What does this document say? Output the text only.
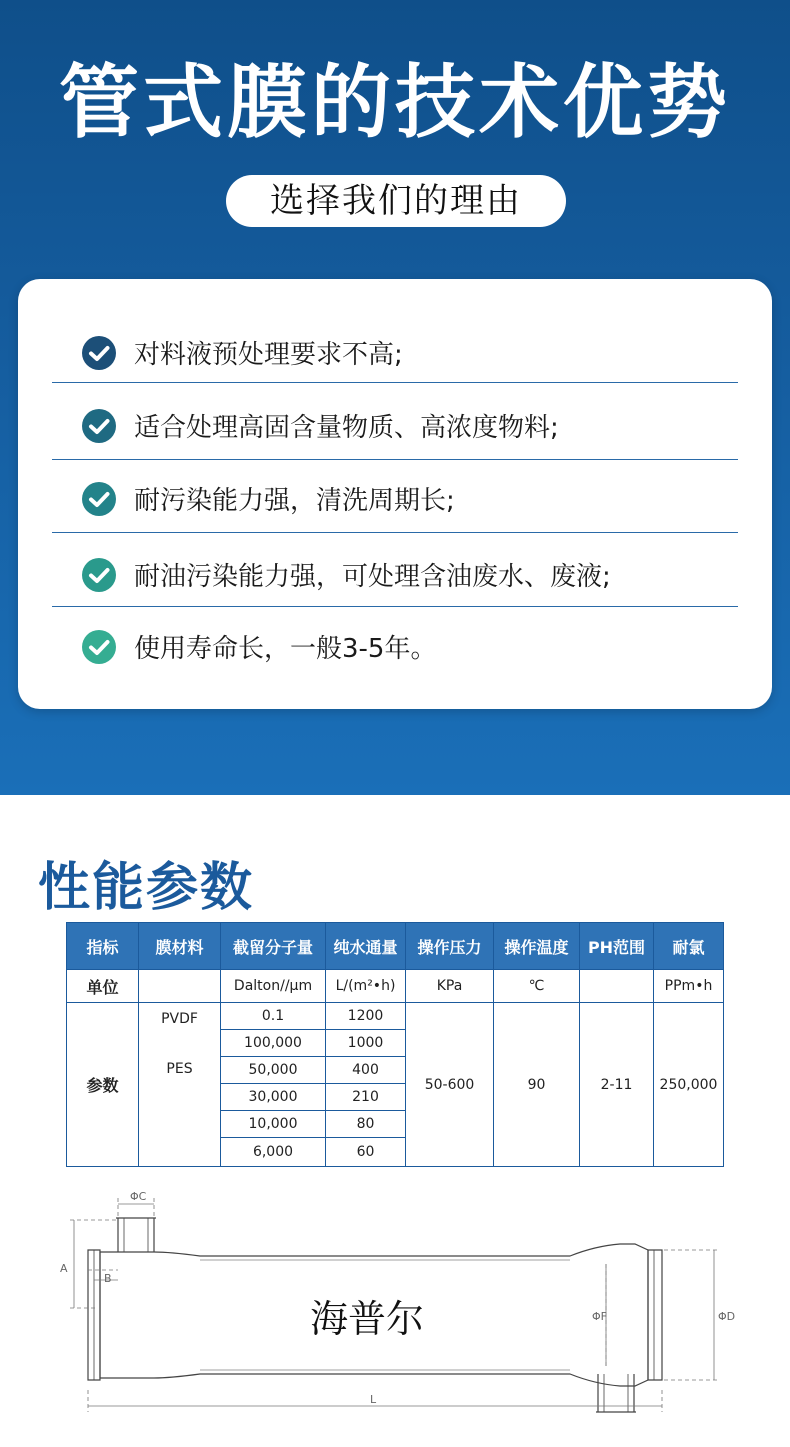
管式膜的技术优势
选择我们的理由
对料液预处理要求不高;
适合处理高固含量物质、高浓度物料;
耐污染能力强，清洗周期长;
耐油污染能力强，可处理含油废水、废液;
使用寿命长，一般3-5年。
性能参数
指标	膜材料	截留分子量	纯水通量	操作压力	操作温度	PH范围	耐氯
单位		Dalton//μm	L/(m²•h)	KPa	℃		PPm•h
参数	PVDF	0.1	1200	50-600	90	2-11	250,000
		100,000	1000				
	PES	50,000	400				
		30,000	210				
		10,000	80				
		6,000	60				
ΦC
A
B
ΦF	ΦD
L
海普尔
